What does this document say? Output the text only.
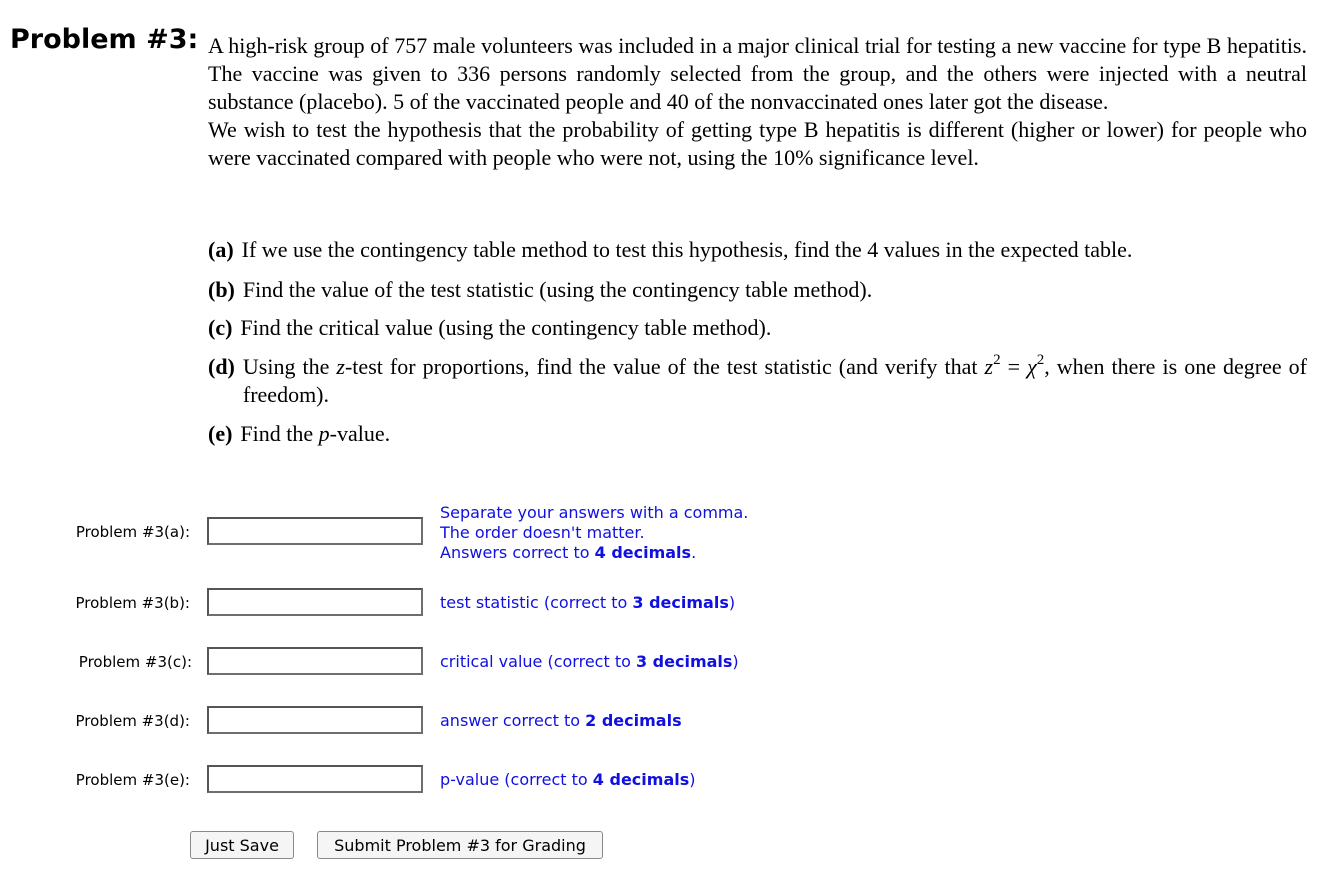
Problem #3: A high-risk group of 757 male volunteers was included in a major clinical trial for testing a new vaccine for type B hepatitis. The vaccine was given to 336 persons randomly selected from the group, and the others were injected with a neutral substance (placebo). 5 of the vaccinated people and 40 of the nonvaccinated ones later got the disease.

We wish to test the hypothesis that the probability of getting type B hepatitis is different (higher or lower) for people who were vaccinated compared with people who were not, using the 10% significance level.

(a) If we use the contingency table method to test this hypothesis, find the 4 values in the expected table.
(b) Find the value of the test statistic (using the contingency table method).
(c) Find the critical value (using the contingency table method).
(d) Using the z-test for proportions, find the value of the test statistic (and verify that $z^2 = \chi^2$, when there is one degree of freedom).
(e) Find the p-value.
Problem #3(a):
Separate your answers with a comma.
The order doesn't matter.
Answers correct to 4 decimals.
Problem #3(b):	test statistic (correct to 3 decimals)
Problem #3(c):	critical value (correct to 3 decimals)
Problem #3(d):	answer correct to 2 decimals
Problem #3(e):	p-value (correct to 4 decimals)
Just Save	Submit Problem #3 for Grading
